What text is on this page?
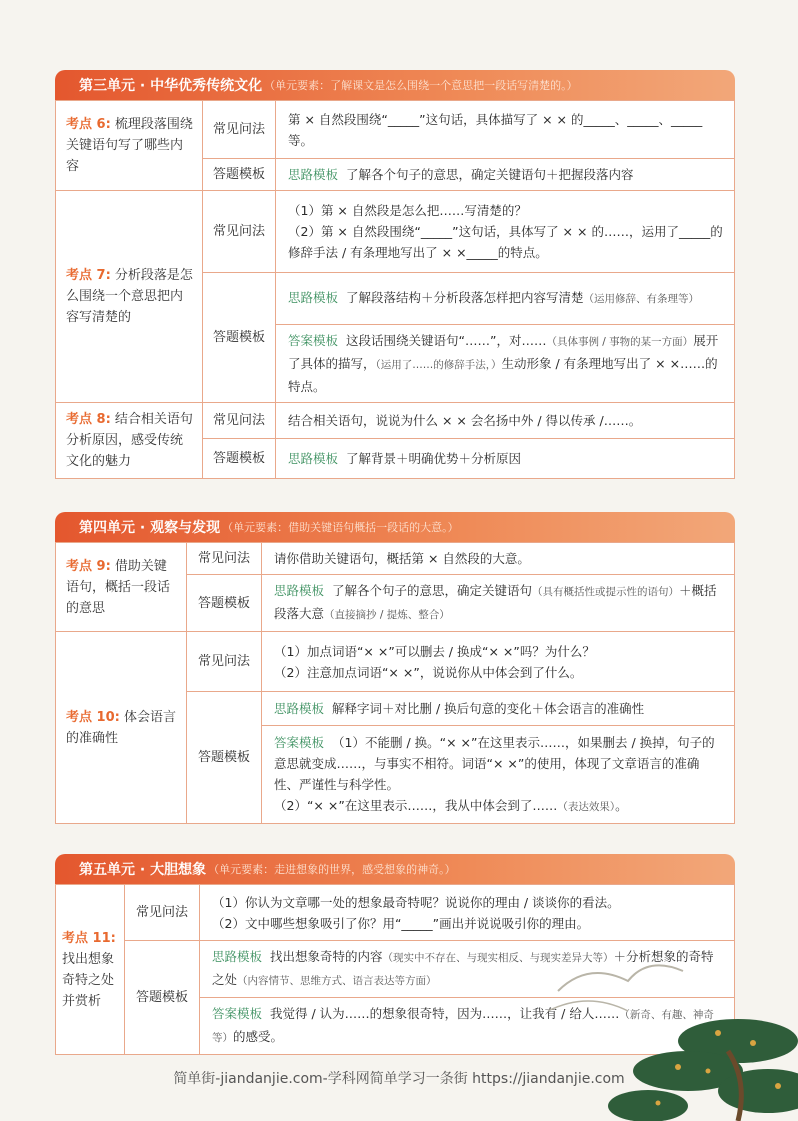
第三单元 · 中华优秀传统文化 （单元要素：了解课文是怎么围绕一个意思把一段话写清楚的。）
考点 6: 梳理段落围绕关键语句写了哪些内容	常见问法	第 × 自然段围绕“_____”这句话，具体描写了 × × 的_____、_____、_____等。
	答题模板	思路模板 了解各个句子的意思，确定关键语句＋把握段落内容
考点 7: 分析段落是怎么围绕一个意思把内容写清楚的	常见问法	（1）第 × 自然段是怎么把……写清楚的？
（2）第 × 自然段围绕“_____”这句话，具体写了 × × 的……，运用了_____的修辞手法 / 有条理地写出了 × ×_____的特点。

	答题模板	思路模板 了解段落结构＋分析段落怎样把内容写清楚（运用修辞、有条理等）
		答案模板 这段话围绕关键语句“……”，对……（具体事例 / 事物的某一方面）展开了具体的描写，（运用了……的修辞手法，）生动形象 / 有条理地写出了 × ×……的特点。
考点 8: 结合相关语句分析原因，感受传统文化的魅力	常见问法	结合相关语句，说说为什么 × × 会名扬中外 / 得以传承 /……。
	答题模板	思路模板 了解背景＋明确优势＋分析原因
第四单元 · 观察与发现 （单元要素：借助关键语句概括一段话的大意。）
考点 9: 借助关键语句，概括一段话的意思	常见问法	请你借助关键语句，概括第 × 自然段的大意。
	答题模板	思路模板 了解各个句子的意思，确定关键语句（具有概括性或提示性的语句）＋概括段落大意（直接摘抄 / 提炼、整合）
考点 10: 体会语言的准确性	常见问法	（1）加点词语“× ×”可以删去 / 换成“× ×”吗？为什么？
（2）注意加点词语“× ×”，说说你从中体会到了什么。

	答题模板	思路模板 解释字词＋对比删 / 换后句意的变化＋体会语言的准确性

		答案模板 （1）不能删 / 换。“× ×”在这里表示……，如果删去 / 换掉，句子的意思就变成……，与事实不相符。词语“× ×”的使用，体现了文章语言的准确性、严谨性与科学性。
（2）“× ×”在这里表示……，我从中体会到了……（表达效果）。
第五单元 · 大胆想象 （单元要素：走进想象的世界，感受想象的神奇。）
考点 11: 找出想象奇特之处并赏析	常见问法	（1）你认为文章哪一处的想象最奇特呢？说说你的理由 / 谈谈你的看法。
（2）文中哪些想象吸引了你？用“_____”画出并说说吸引你的理由。

	答题模板	思路模板 找出想象奇特的内容（现实中不存在、与现实相反、与现实差异大等）＋分析想象的奇特之处（内容情节、思维方式、语言表达等方面）
		答案模板 我觉得 / 认为……的想象很奇特，因为……，让我有 / 给人……（新奇、有趣、神奇等）的感受。
简单街-jiandanjie.com-学科网简单学习一条街 https://jiandanjie.com
